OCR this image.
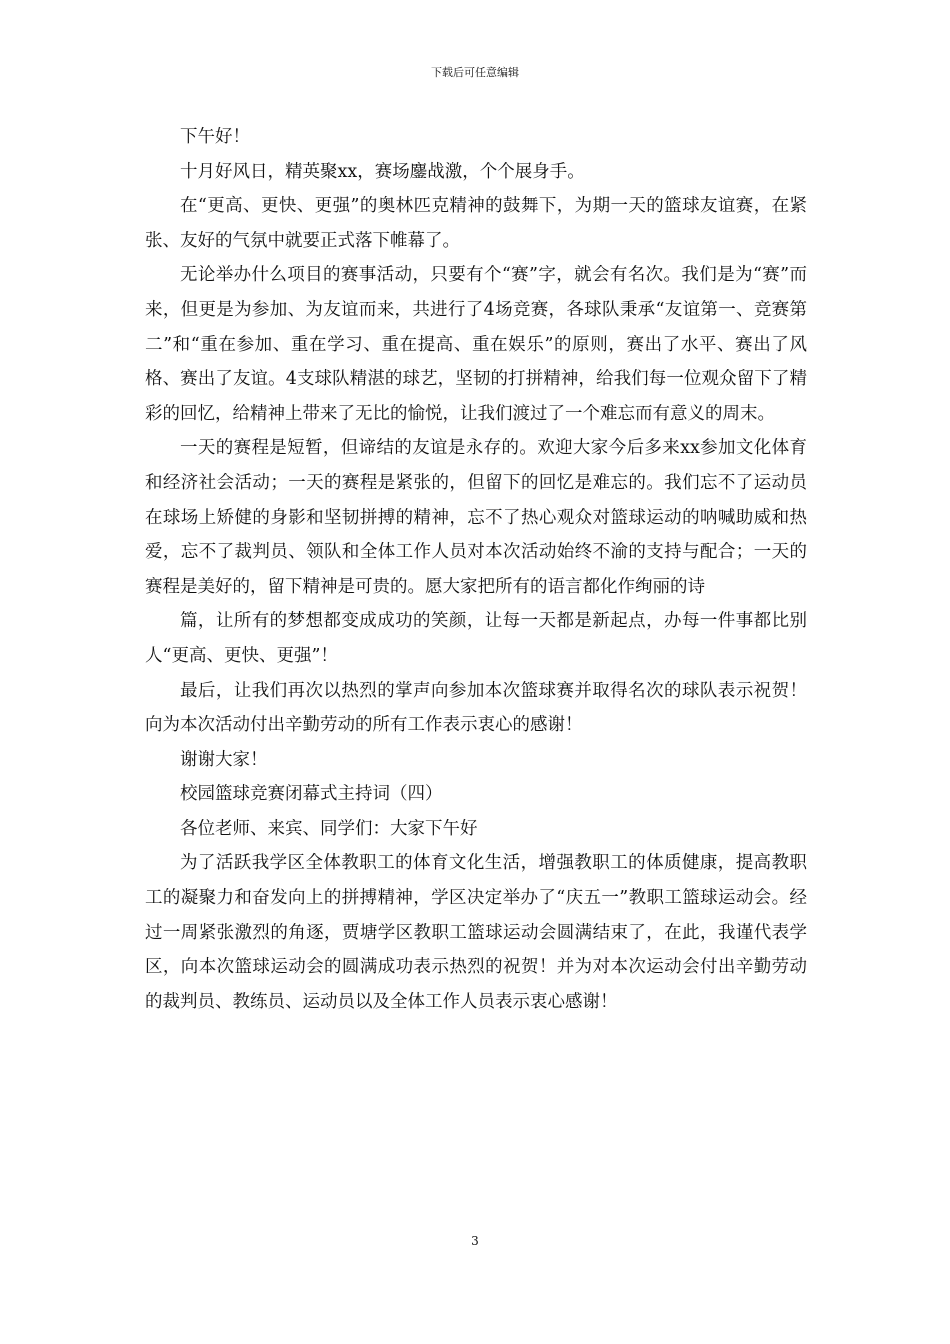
下载后可任意编辑

下午好！

十月好风日，精英聚xx，赛场鏖战激，个个展身手。

在“更高、更快、更强”的奥林匹克精神的鼓舞下，为期一天的篮球友谊赛，在紧张、友好的气氛中就要正式落下帷幕了。

无论举办什么项目的赛事活动，只要有个“赛”字，就会有名次。我们是为“赛”而来，但更是为参加、为友谊而来，共进行了4场竞赛，各球队秉承“友谊第一、竞赛第二”和“重在参加、重在学习、重在提高、重在娱乐”的原则，赛出了水平、赛出了风格、赛出了友谊。4支球队精湛的球艺，坚韧的打拼精神，给我们每一位观众留下了精彩的回忆，给精神上带来了无比的愉悦，让我们渡过了一个难忘而有意义的周末。

一天的赛程是短暂，但谛结的友谊是永存的。欢迎大家今后多来xx参加文化体育和经济社会活动；一天的赛程是紧张的，但留下的回忆是难忘的。我们忘不了运动员在球场上矫健的身影和坚韧拼搏的精神，忘不了热心观众对篮球运动的呐喊助威和热爱，忘不了裁判员、领队和全体工作人员对本次活动始终不渝的支持与配合；一天的赛程是美好的，留下精神是可贵的。愿大家把所有的语言都化作绚丽的诗

篇，让所有的梦想都变成成功的笑颜，让每一天都是新起点，办每一件事都比别人“更高、更快、更强”！

最后，让我们再次以热烈的掌声向参加本次篮球赛并取得名次的球队表示祝贺！向为本次活动付出辛勤劳动的所有工作表示衷心的感谢！

谢谢大家！

校园篮球竞赛闭幕式主持词（四）

各位老师、来宾、同学们：大家下午好

为了活跃我学区全体教职工的体育文化生活，增强教职工的体质健康，提高教职工的凝聚力和奋发向上的拼搏精神，学区决定举办了“庆五一”教职工篮球运动会。经过一周紧张激烈的角逐，贾塘学区教职工篮球运动会圆满结束了，在此，我谨代表学区，向本次篮球运动会的圆满成功表示热烈的祝贺！并为对本次运动会付出辛勤劳动的裁判员、教练员、运动员以及全体工作人员表示衷心感谢！

3
